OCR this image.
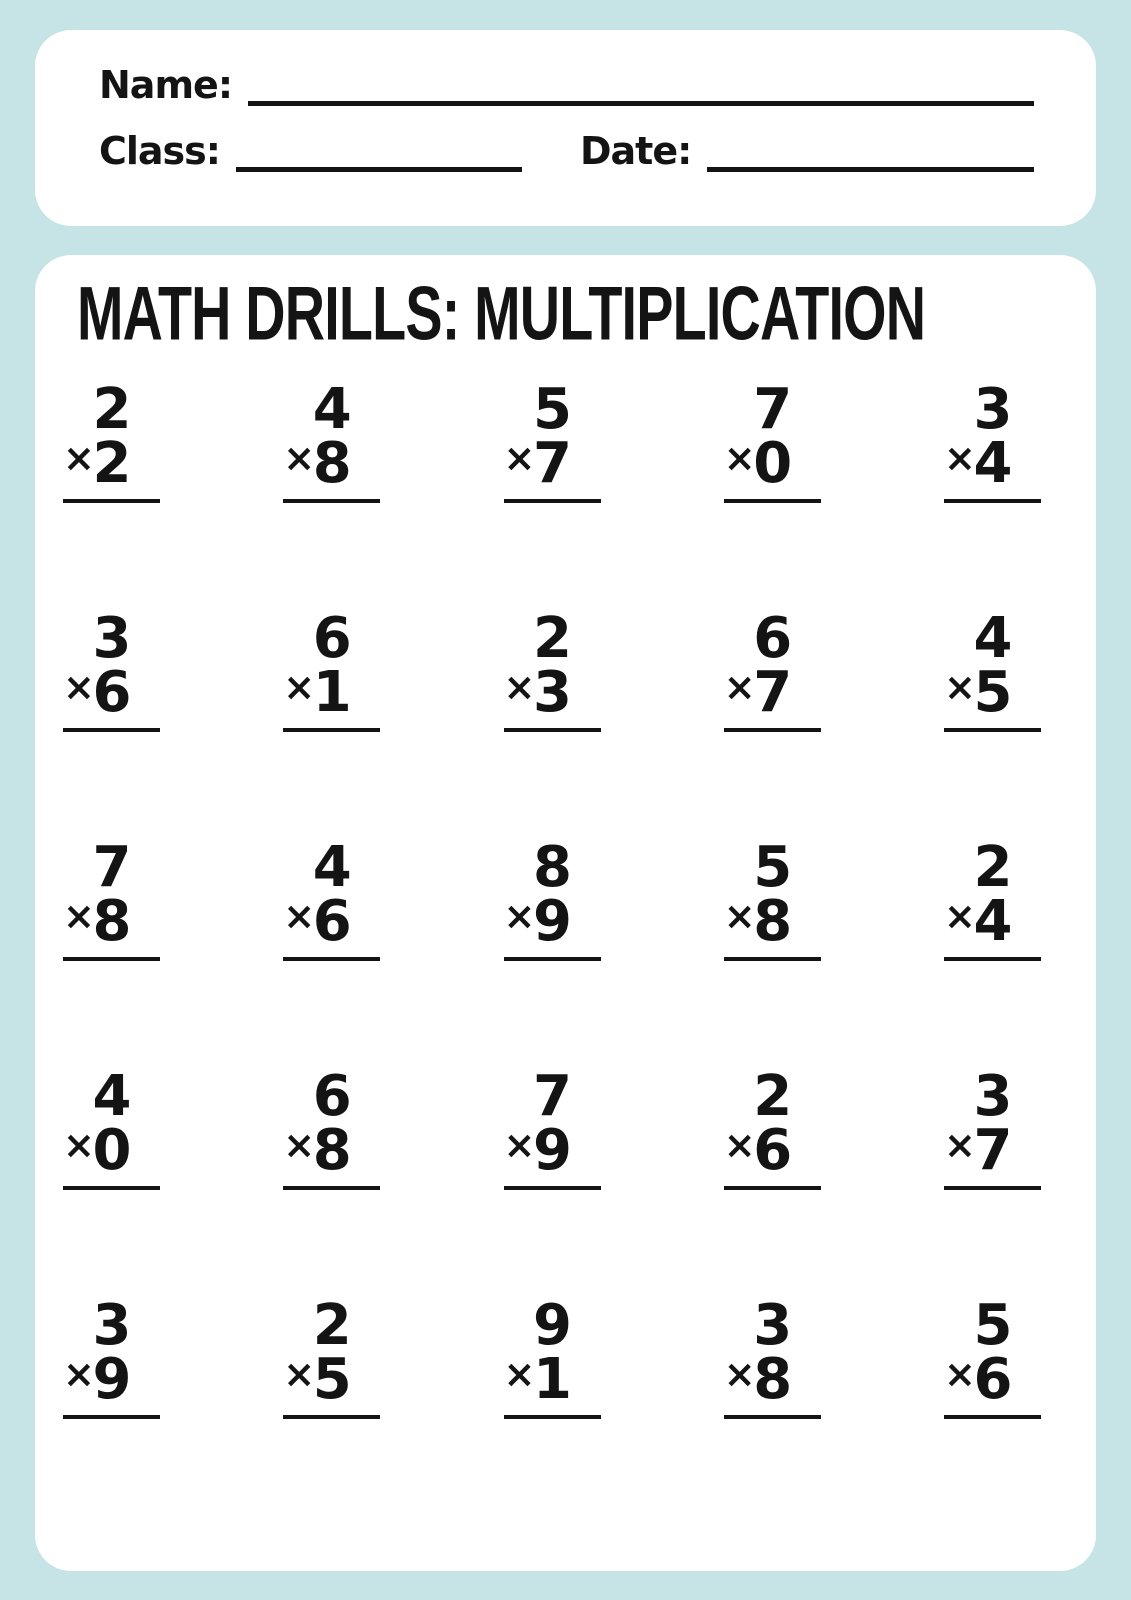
Name:
Class:	Date:
MATH DRILLS: MULTIPLICATION
2
×
2
4
×
8
5
×
7
7
×
0
3
×
4
3
×
6
6
×
1
2
×
3
6
×
7
4
×
5
7
×
8
4
×
6
8
×
9
5
×
8
2
×
4
4
×
0
6
×
8
7
×
9
2
×
6
3
×
7
3
×
9
2
×
5
9
×
1
3
×
8
5
×
6
